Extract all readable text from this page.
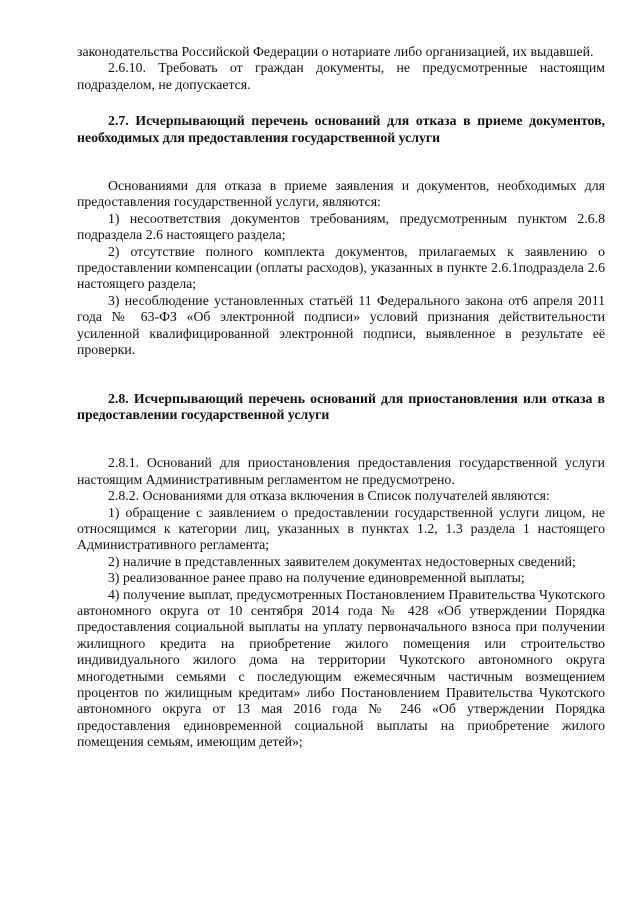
законодательства Российской Федерации о нотариате либо организацией, их выдавшей.

2.6.10. Требовать от граждан документы, не предусмотренные настоящим подразделом, не допускается.

2.7. Исчерпывающий перечень оснований для отказа в приеме документов, необходимых для предоставления государственной услуги

Основаниями для отказа в приеме заявления и документов, необходимых для предоставления государственной услуги, являются:

1) несоответствия документов требованиям, предусмотренным пунктом 2.6.8 подраздела 2.6 настоящего раздела;

2) отсутствие полного комплекта документов, прилагаемых к заявлению о предоставлении компенсации (оплаты расходов), указанных в пункте 2.6.1подраздела 2.6 настоящего раздела;

3) несоблюдение установленных статьёй 11 Федерального закона от6 апреля 2011 года № 63-ФЗ «Об электронной подписи» условий признания действительности усиленной квалифицированной электронной подписи, выявленное в результате её проверки.

2.8. Исчерпывающий перечень оснований для приостановления или отказа в предоставлении государственной услуги

2.8.1. Оснований для приостановления предоставления государственной услуги настоящим Административным регламентом не предусмотрено.

2.8.2. Основаниями для отказа включения в Список получателей являются:

1) обращение с заявлением о предоставлении государственной услуги лицом, не относящимся к категории лиц, указанных в пунктах 1.2, 1.3 раздела 1 настоящего Административного регламента;

2) наличие в представленных заявителем документах недостоверных сведений;

3) реализованное ранее право на получение единовременной выплаты;

4) получение выплат, предусмотренных Постановлением Правительства Чукотского автономного округа от 10 сентября 2014 года № 428 «Об утверждении Порядка предоставления социальной выплаты на уплату первоначального взноса при получении жилищного кредита на приобретение жилого помещения или строительство индивидуального жилого дома на территории Чукотского автономного округа многодетными семьями с последующим ежемесячным частичным возмещением процентов по жилищным кредитам» либо Постановлением Правительства Чукотского автономного округа от 13 мая 2016 года № 246 «Об утверждении Порядка предоставления единовременной социальной выплаты на приобретение жилого помещения семьям, имеющим детей»;
